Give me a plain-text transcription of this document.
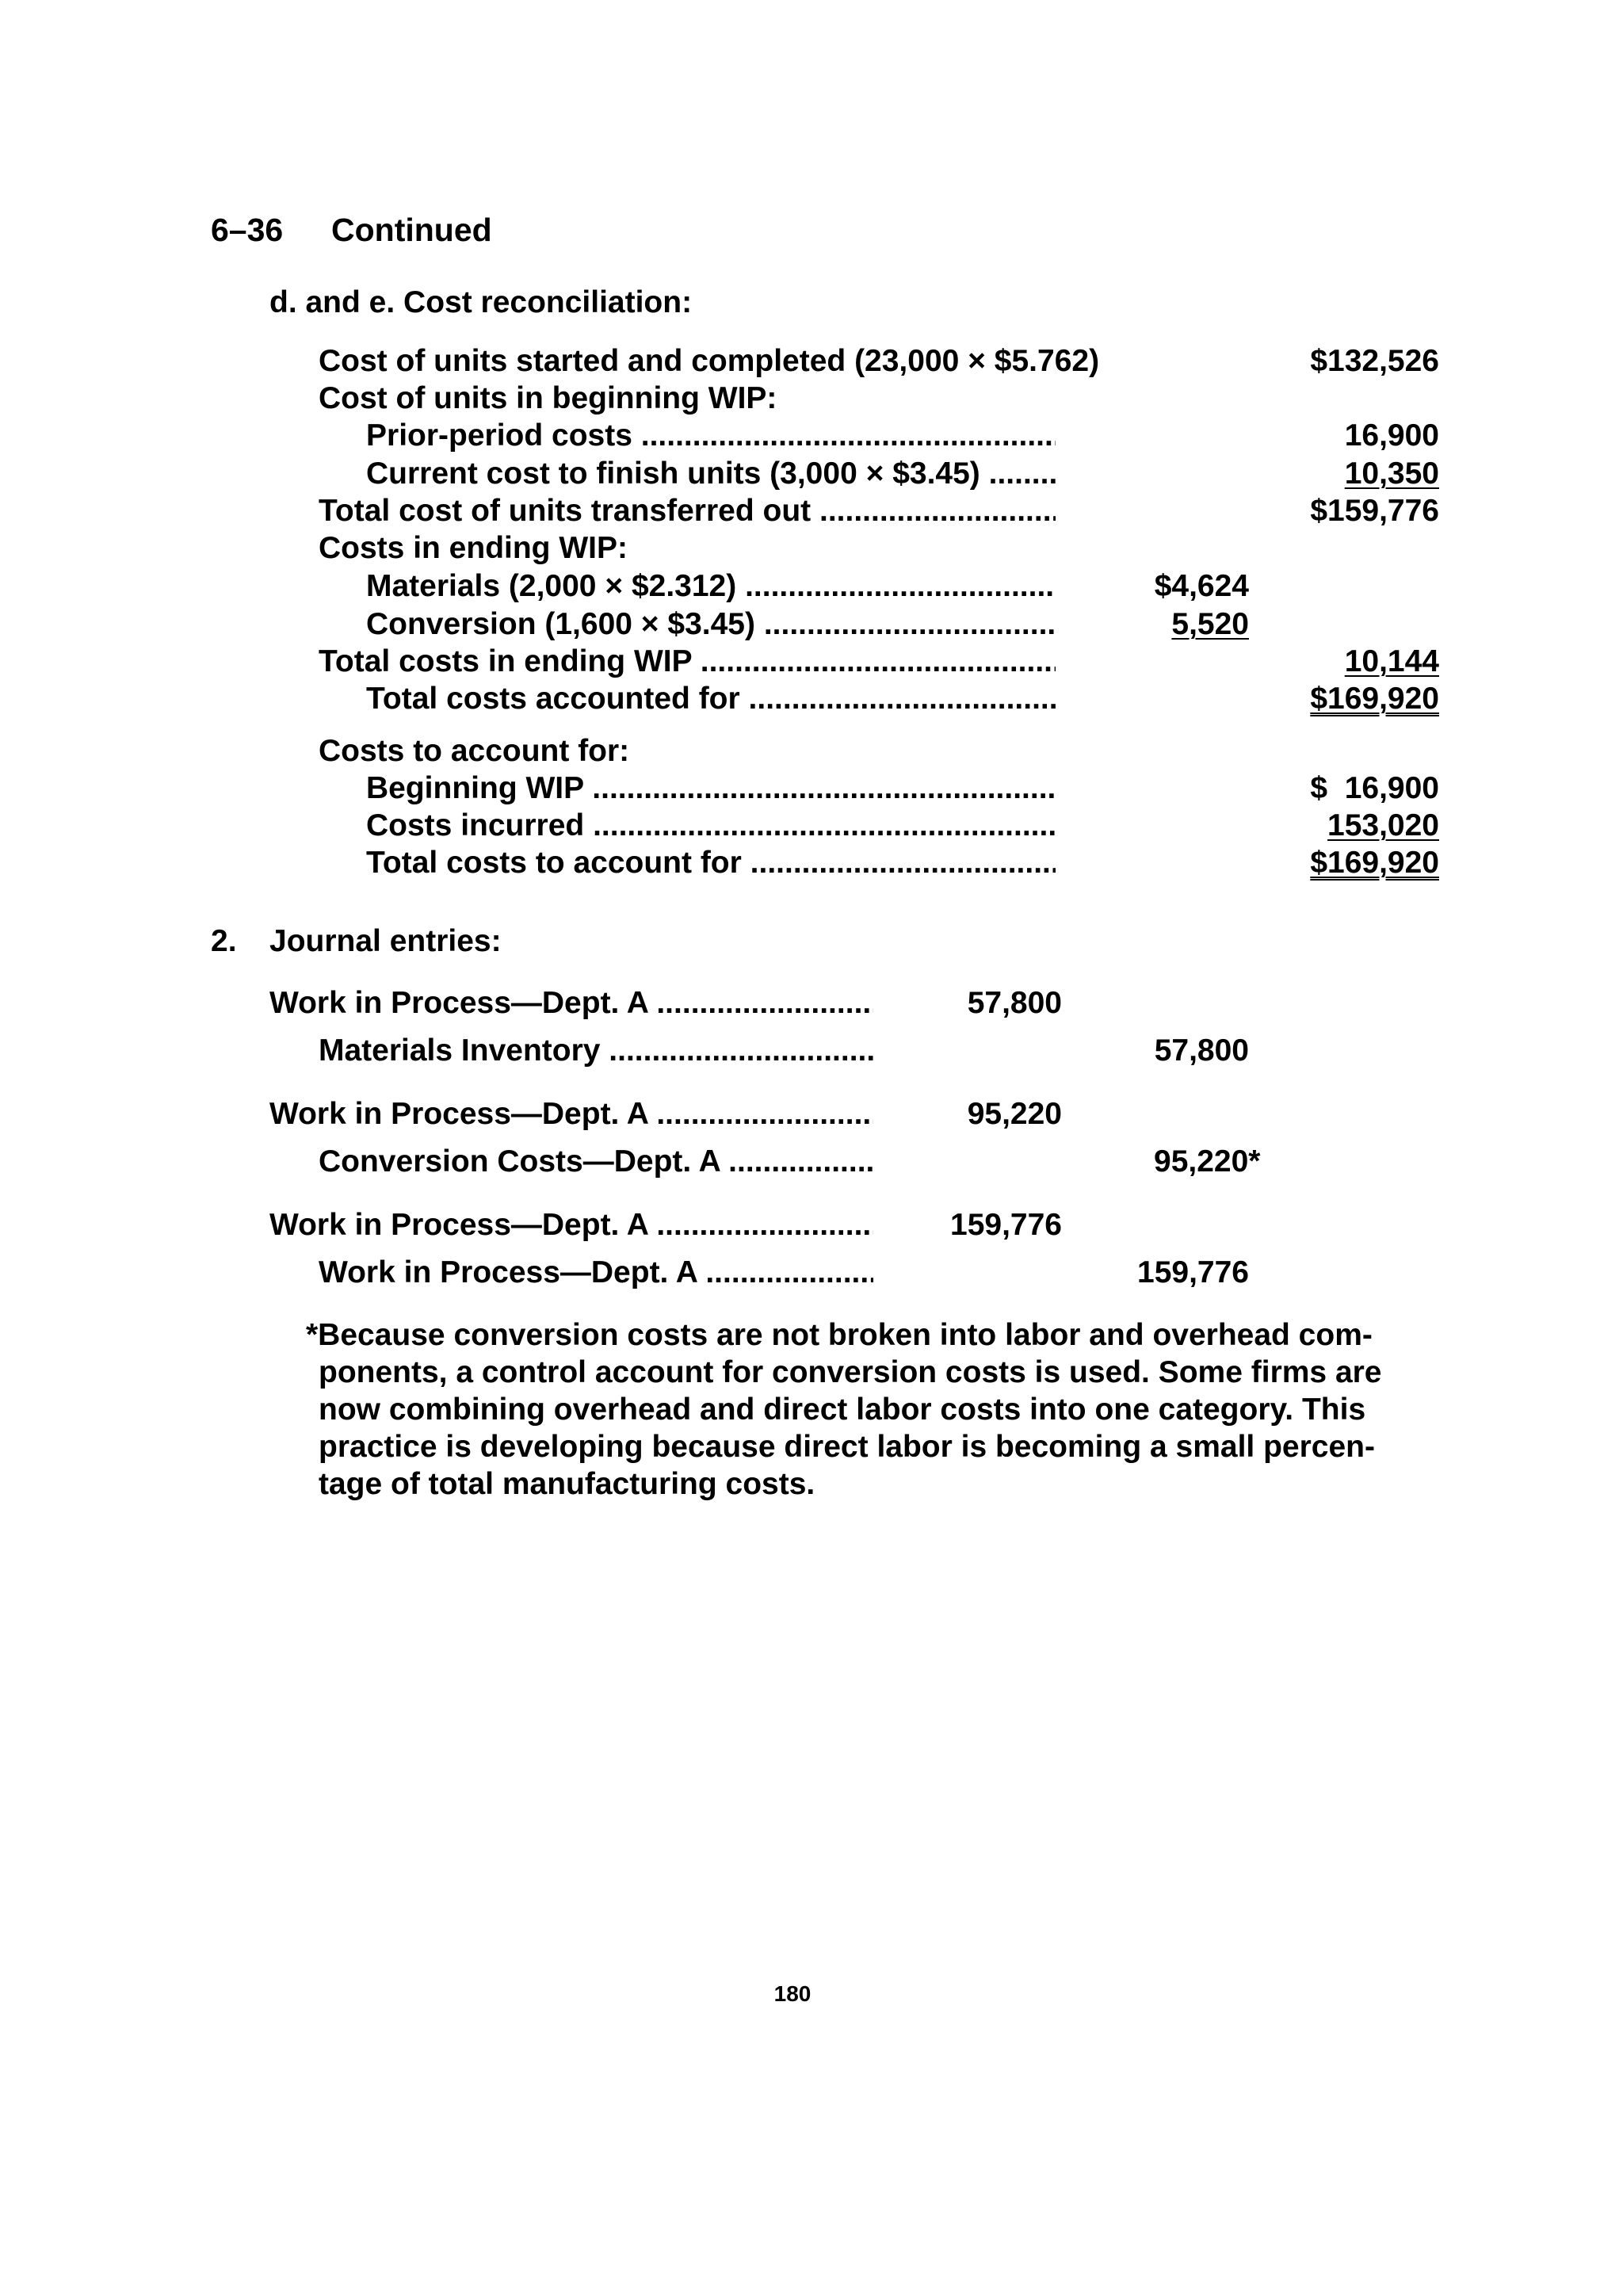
6–36 Continued
d. and e. Cost reconciliation:
Cost of units started and completed (23,000 × $5.762)	$132,526
Cost of units in beginning WIP:
Prior-period costs .....	16,900
Current cost to finish units (3,000 × $3.45) .....	10,350
Total cost of units transferred out .....	$159,776
Costs in ending WIP:
Materials (2,000 × $2.312) .....	$4,624
Conversion (1,600 × $3.45) .....	5,520
Total costs in ending WIP .....	10,144
Total costs accounted for .....	$169,920
Costs to account for:
Beginning WIP .....	$  16,900
Costs incurred .....	153,020
Total costs to account for .....	$169,920
2. Journal entries:
Work in Process—Dept. A .....	57,800
Materials Inventory .....	57,800
Work in Process—Dept. A .....	95,220
Conversion Costs—Dept. A .....	95,220*
Work in Process—Dept. A .....	159,776
Work in Process—Dept. A .....	159,776
*Because conversion costs are not broken into labor and overhead com-
ponents, a control account for conversion costs is used. Some firms are
now combining overhead and direct labor costs into one category. This
practice is developing because direct labor is becoming a small percen-
tage of total manufacturing costs.
180
